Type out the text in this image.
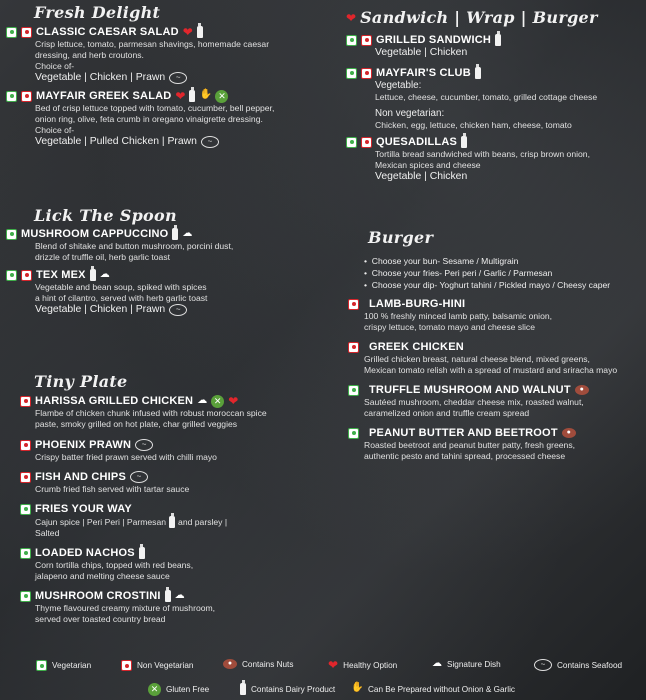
Fresh Delight
CLASSIC CAESAR SALAD ❤
Crisp lettuce, tomato, parmesan shavings, homemade caesar
dressing, and herb croutons.
Choice of-
Vegetable | Chicken | Prawn	~
MAYFAIR GREEK SALAD ❤ ✋ ✕
Bed of crisp lettuce topped with tomato, cucumber, bell pepper,
onion ring, olive, feta crumb in oregano vinaigrette dressing.
Choice of-
Vegetable | Pulled Chicken | Prawn	~
Lick The Spoon
MUSHROOM CAPPUCCINO ☁
Blend of shitake and button mushroom, porcini dust,
drizzle of truffle oil, herb garlic toast
TEX MEX ☁
Vegetable and bean soup, spiked with spices
a hint of cilantro, served with herb garlic toast
Vegetable | Chicken | Prawn	~
Tiny Plate
HARISSA GRILLED CHICKEN ☁ ✕ ❤
Flambe of chicken chunk infused with robust moroccan spice
paste, smoky grilled on hot plate, char grilled veggies
PHOENIX PRAWN	~
Crispy batter fried prawn served with chilli mayo
FISH AND CHIPS	~
Crumb fried fish served with tartar sauce
FRIES YOUR WAY
Cajun spice | Peri Peri | Parmesan and parsley |
Salted
LOADED NACHOS
Corn tortilla chips, topped with red beans,
jalapeno and melting cheese sauce
MUSHROOM CROSTINI ☁
Thyme flavoured creamy mixture of mushroom,
served over toasted country bread
❤ Sandwich | Wrap | Burger
GRILLED SANDWICH
Vegetable | Chicken
MAYFAIR'S CLUB
Vegetable:
Lettuce, cheese, cucumber, tomato, grilled cottage cheese
Non vegetarian:
Chicken, egg, lettuce, chicken ham, cheese, tomato
QUESADILLAS
Tortilla bread sandwiched with beans, crisp brown onion,
Mexican spices and cheese
Vegetable | Chicken
Burger
•  Choose your bun- Sesame / Multigrain
•  Choose your fries- Peri peri / Garlic / Parmesan
•  Choose your dip- Yoghurt tahini / Pickled mayo / Cheesy caper
LAMB-BURG-HINI
100 % freshly minced lamb patty, balsamic onion,
crispy lettuce, tomato mayo and cheese slice
GREEK CHICKEN
Grilled chicken breast, natural cheese blend, mixed greens,
Mexican tomato relish with a spread of mustard and sriracha mayo
TRUFFLE MUSHROOM AND WALNUT	●
Sautéed mushroom, cheddar cheese mix, roasted walnut,
caramelized onion and truffle cream spread
PEANUT BUTTER AND BEETROOT	●
Roasted beetroot and peanut butter patty, fresh greens,
authentic pesto and tahini spread, processed cheese
Vegetarian	Non Vegetarian	●	Contains Nuts	❤ Healthy Option	☁ Signature Dish	~	Contains Seafood
✕ Gluten Free	Contains Dairy Product ✋ Can Be Prepared without Onion & Garlic
